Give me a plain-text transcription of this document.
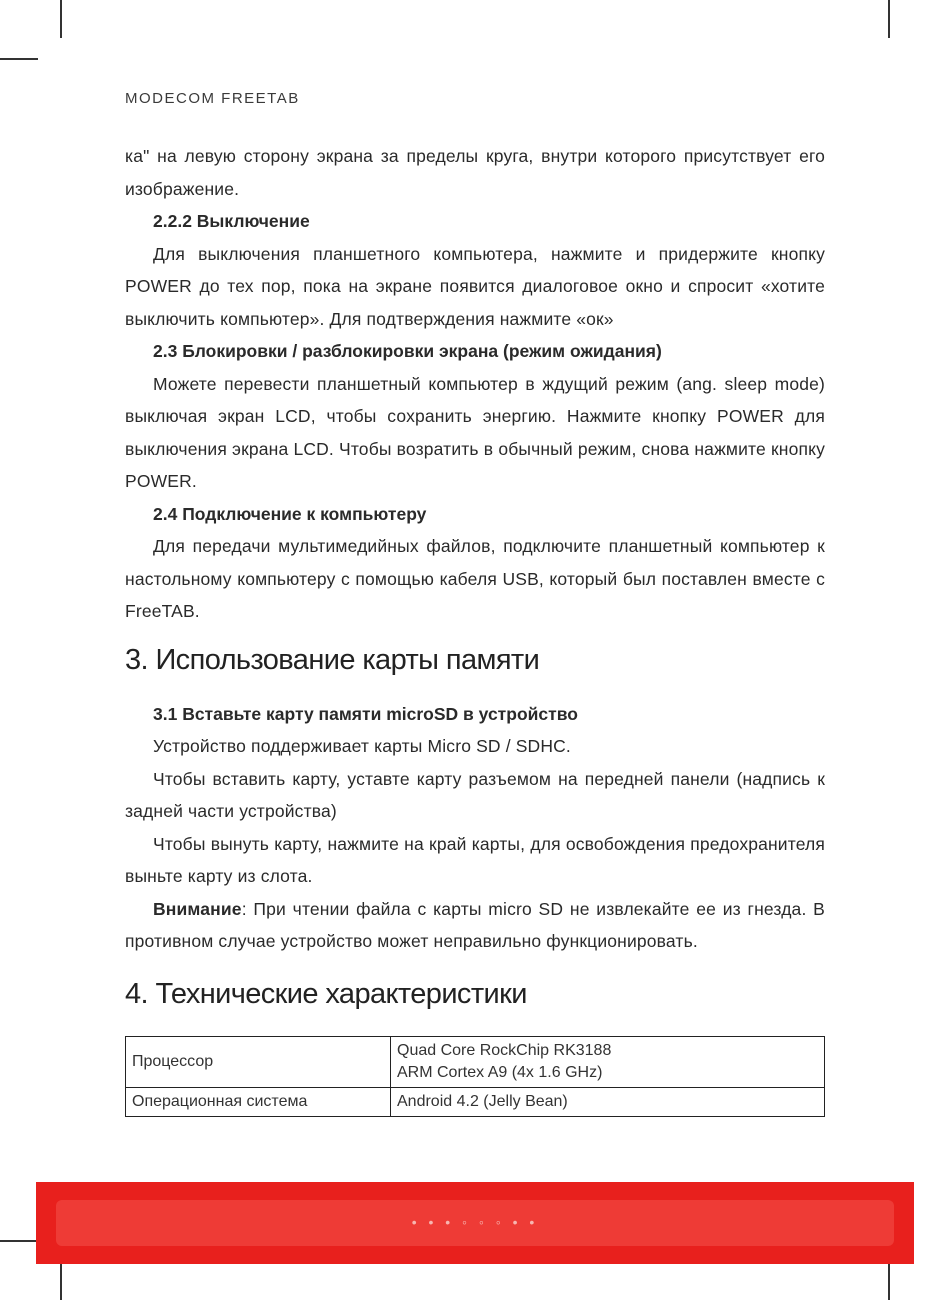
MODECOM FREETAB

ка" на левую сторону экрана за пределы круга, внутри которого присутствует его изображение.

2.2.2 Выключение

Для выключения планшетного компьютера, нажмите и придержите кнопку POWER до тех пор, пока на экране появится диалоговое окно и спросит «хотите выключить компьютер». Для подтверждения нажмите «ок»

2.3 Блокировки / разблокировки экрана (режим ожидания)

Можете перевести планшетный компьютер в ждущий режим (ang. sleep mode) выключая экран LCD, чтобы сохранить энергию. Нажмите кнопку POWER для выключения экрана LCD. Чтобы возратить в обычный режим, снова нажмите кнопку POWER.

2.4 Подключение к компьютеру

Для передачи мультимедийных файлов, подключите планшетный компьютер к настольному компьютеру с помощью кабеля USB, который был поставлен вместе с FreeTAB.

3. Использование карты памяти
3.1 Вставьте карту памяти microSD в устройство

Устройство поддерживает карты Micro SD / SDHC.

Чтобы вставить карту, уставте карту разъемом на передней панели (надпись к задней части устройства)

Чтобы вынуть карту, нажмите на край карты, для освобождения предохранителя выньте карту из слота.

Внимание: При чтении файла с карты micro SD не извлекайте ее из гнезда. В противном случае устройство может неправильно функционировать.

4. Технические характеристики
Процессор	Quad Core RockChip RK3188
ARM Cortex A9 (4x 1.6 GHz)

Операционная система	Android 4.2 (Jelly Bean)
• • • ◦ ◦ ◦ • •
